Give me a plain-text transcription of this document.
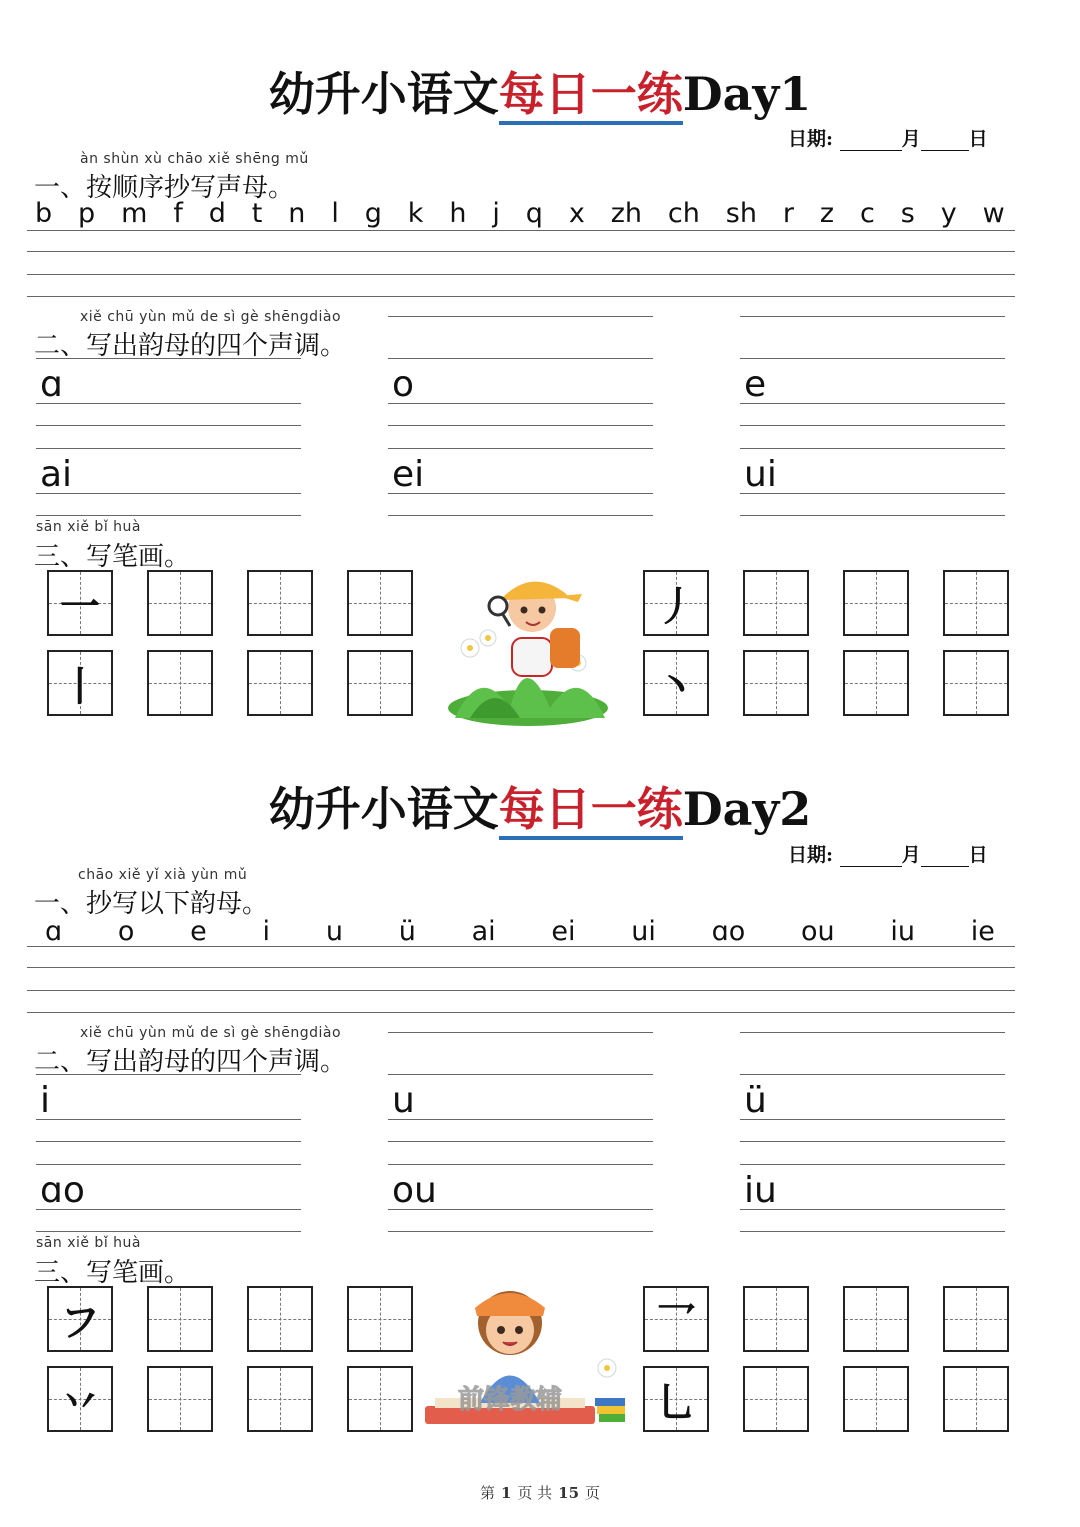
幼升小语文每日一练Day1
日期:	月	日
àn shùn xù chāo xiě shēng mǔ
一、按顺序抄写声母。
b p m f d t n l g k h j q x zh ch sh r z c s y w
xiě chū yùn mǔ de sì gè shēngdiào
二、写出韵母的四个声调。
ɑ	o	e
ai	ei	ui
sān xiě bǐ huà
三、写笔画。
一	丿
丨	丶
幼升小语文每日一练Day2
日期:	月	日
chāo xiě yǐ xià yùn mǔ
一、抄写以下韵母。
ɑ o e i u ü ai ei ui ɑo ou iu ie
xiě chū yùn mǔ de sì gè shēngdiào
二、写出韵母的四个声调。
i	u	ü
ɑo	ou	iu
sān xiě bǐ huà
三、写笔画。
フ	乛
丷	乚
前锋教辅
第 1 页 共 15 页
